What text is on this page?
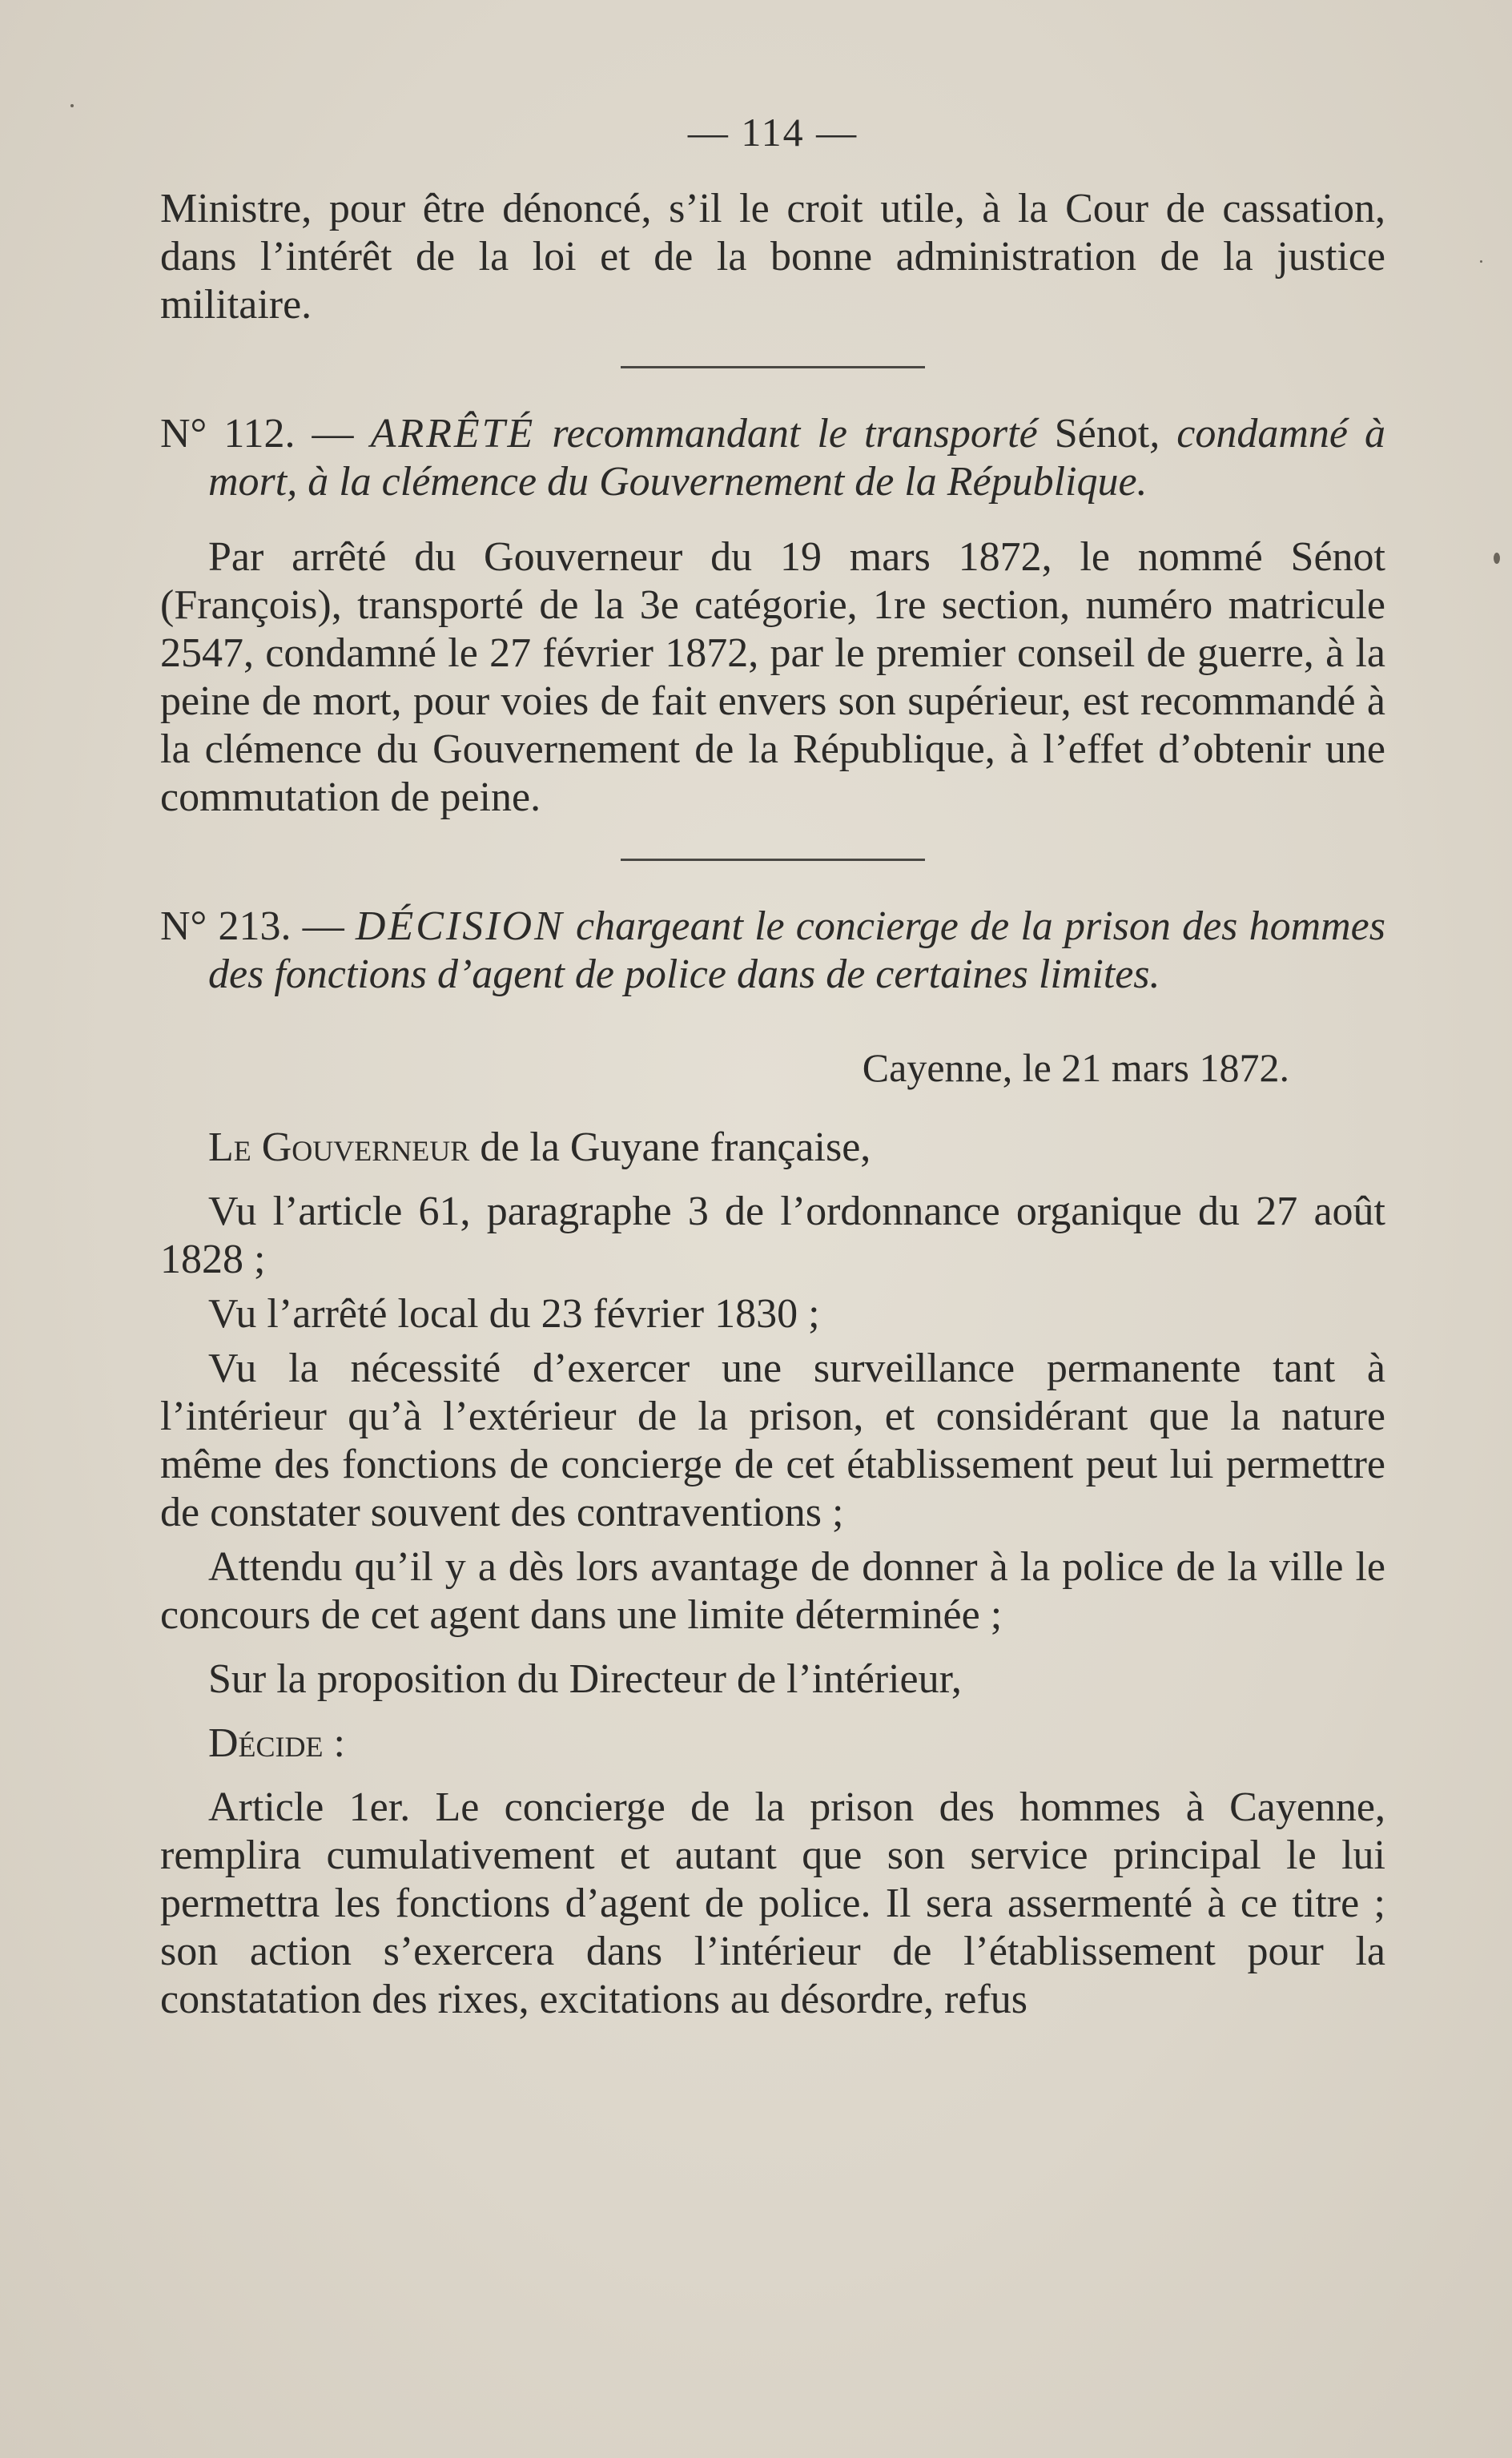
— 114 —

Ministre, pour être dénoncé, s’il le croit utile, à la Cour de cassation, dans l’intérêt de la loi et de la bonne administration de la justice militaire.

N° 112. — ARRÊTÉ recommandant le transporté Sénot, condamné à mort, à la clémence du Gouvernement de la République.

Par arrêté du Gouverneur du 19 mars 1872, le nommé Sénot (François), transporté de la 3e catégorie, 1re section, numéro matricule 2547, condamné le 27 février 1872, par le premier conseil de guerre, à la peine de mort, pour voies de fait envers son supérieur, est recommandé à la clémence du Gouvernement de la République, à l’effet d’obtenir une commutation de peine.

N° 213. — DÉCISION chargeant le concierge de la prison des hommes des fonctions d’agent de police dans de certaines limites.
Cayenne, le 21 mars 1872.

Le Gouverneur de la Guyane française,

Vu l’article 61, paragraphe 3 de l’ordonnance organique du 27 août 1828 ;

Vu l’arrêté local du 23 février 1830 ;

Vu la nécessité d’exercer une surveillance permanente tant à l’intérieur qu’à l’extérieur de la prison, et considérant que la nature même des fonctions de concierge de cet établissement peut lui permettre de constater souvent des contraventions ;

Attendu qu’il y a dès lors avantage de donner à la police de la ville le concours de cet agent dans une limite déterminée ;

Sur la proposition du Directeur de l’intérieur,

Décide :

Article 1er. Le concierge de la prison des hommes à Cayenne, remplira cumulativement et autant que son service principal le lui permettra les fonctions d’agent de police. Il sera assermenté à ce titre ; son action s’exercera dans l’intérieur de l’établissement pour la constatation des rixes, excitations au désordre, refus
